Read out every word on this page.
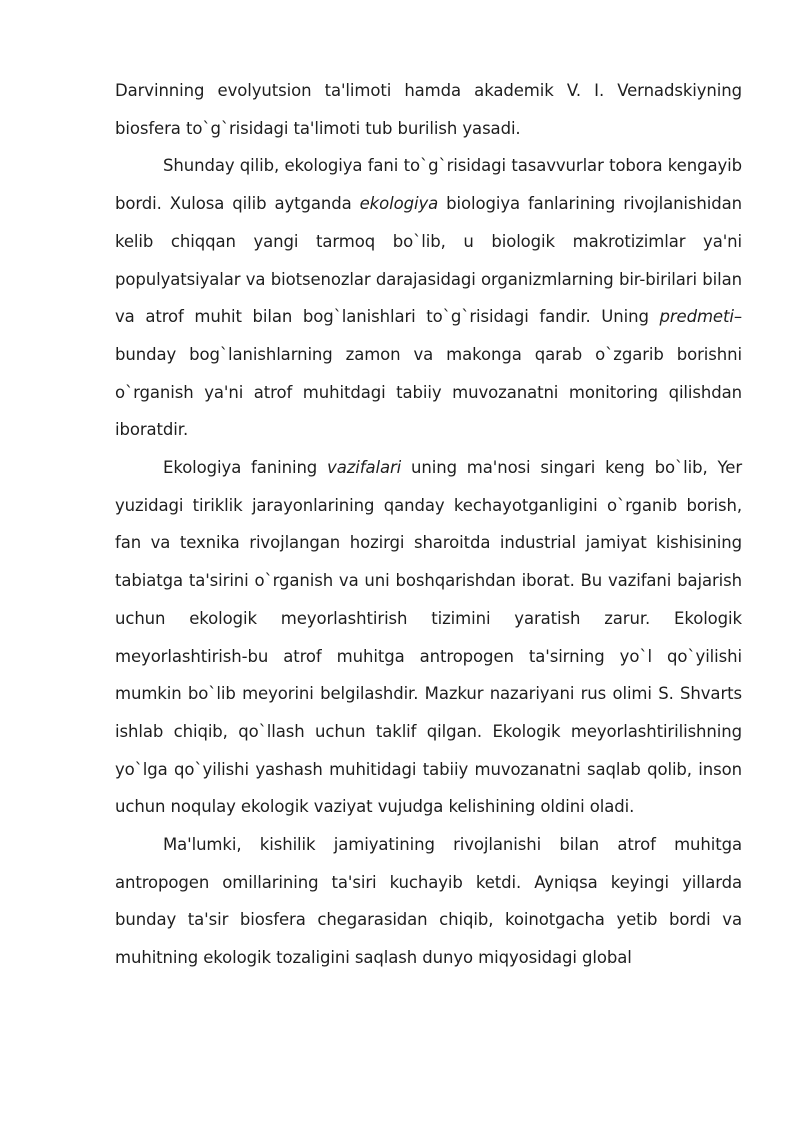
Darvinning evolyutsion ta'limoti hamda akademik V. I. Vernadskiyning biosfera to`g`risidagi ta'limoti tub burilish yasadi.

Shunday qilib, ekologiya fani to`g`risidagi tasavvurlar tobora kengayib bordi. Xulosa qilib aytganda ekologiya biologiya fanlarining rivojlanishidan kelib chiqqan yangi tarmoq bo`lib, u biologik makrotizimlar ya'ni populyatsiyalar va biotsenozlar darajasidagi organizmlarning bir-birilari bilan va atrof muhit bilan bog`lanishlari to`g`risidagi fandir. Uning predmeti–bunday bog`lanishlarning zamon va makonga qarab o`zgarib borishni o`rganish ya'ni atrof muhitdagi tabiiy muvozanatni monitoring qilishdan iboratdir.

Ekologiya fanining vazifalari uning ma'nosi singari keng bo`lib, Yer yuzidagi tiriklik jarayonlarining qanday kechayotganligini o`rganib borish, fan va texnika rivojlangan hozirgi sharoitda industrial jamiyat kishisining tabiatga ta'sirini o`rganish va uni boshqarishdan iborat. Bu vazifani bajarish uchun ekologik meyorlashtirish tizimini yaratish zarur. Ekologik meyorlashtirish-bu atrof muhitga antropogen ta'sirning yo`l qo`yilishi mumkin bo`lib meyorini belgilashdir. Mazkur nazariyani rus olimi S. Shvarts ishlab chiqib, qo`llash uchun taklif qilgan. Ekologik meyorlashtirilishning yo`lga qo`yilishi yashash muhitidagi tabiiy muvozanatni saqlab qolib, inson uchun noqulay ekologik vaziyat vujudga kelishining oldini oladi.

Ma'lumki, kishilik jamiyatining rivojlanishi bilan atrof muhitga antropogen omillarining ta'siri kuchayib ketdi. Ayniqsa keyingi yillarda bunday ta'sir biosfera chegarasidan chiqib, koinotgacha yetib bordi va muhitning ekologik tozaligini saqlash dunyo miqyosidagi global
